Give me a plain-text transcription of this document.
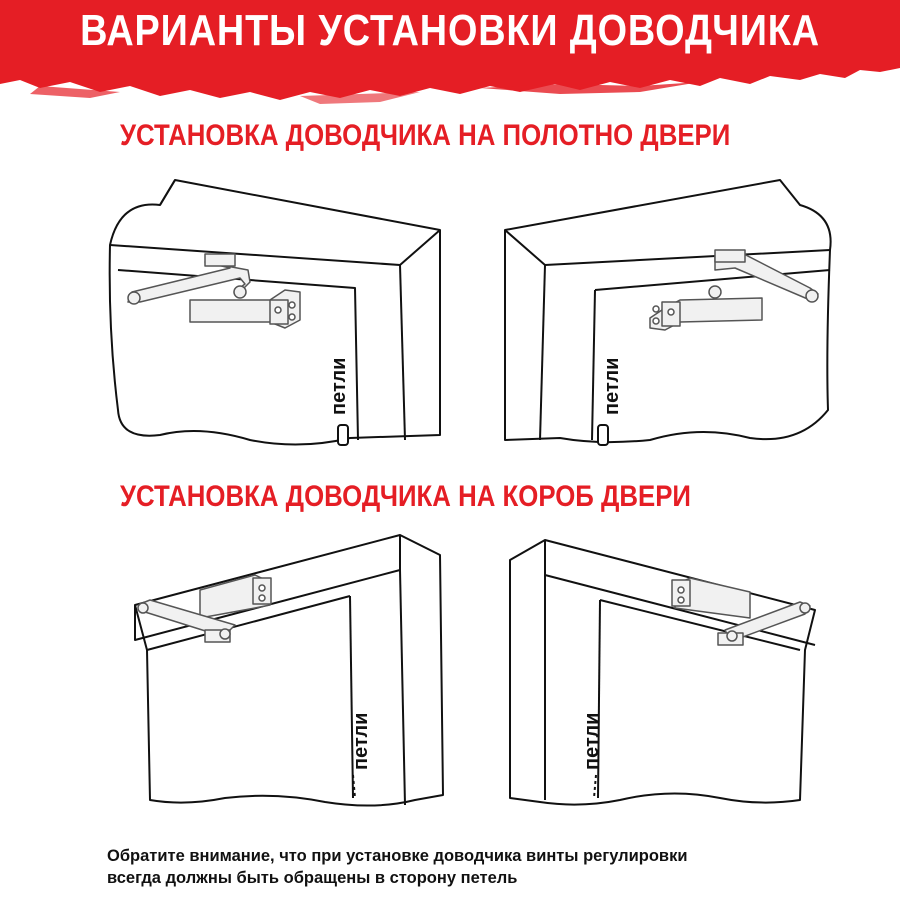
ВАРИАНТЫ УСТАНОВКИ ДОВОДЧИКА
УСТАНОВКА ДОВОДЧИКА НА ПОЛОТНО ДВЕРИ
УСТАНОВКА ДОВОДЧИКА НА КОРОБ ДВЕРИ
петли	петли
петли	петли
Обратите внимание, что при установке доводчика винты регулировки
всегда должны быть обращены в сторону петель
